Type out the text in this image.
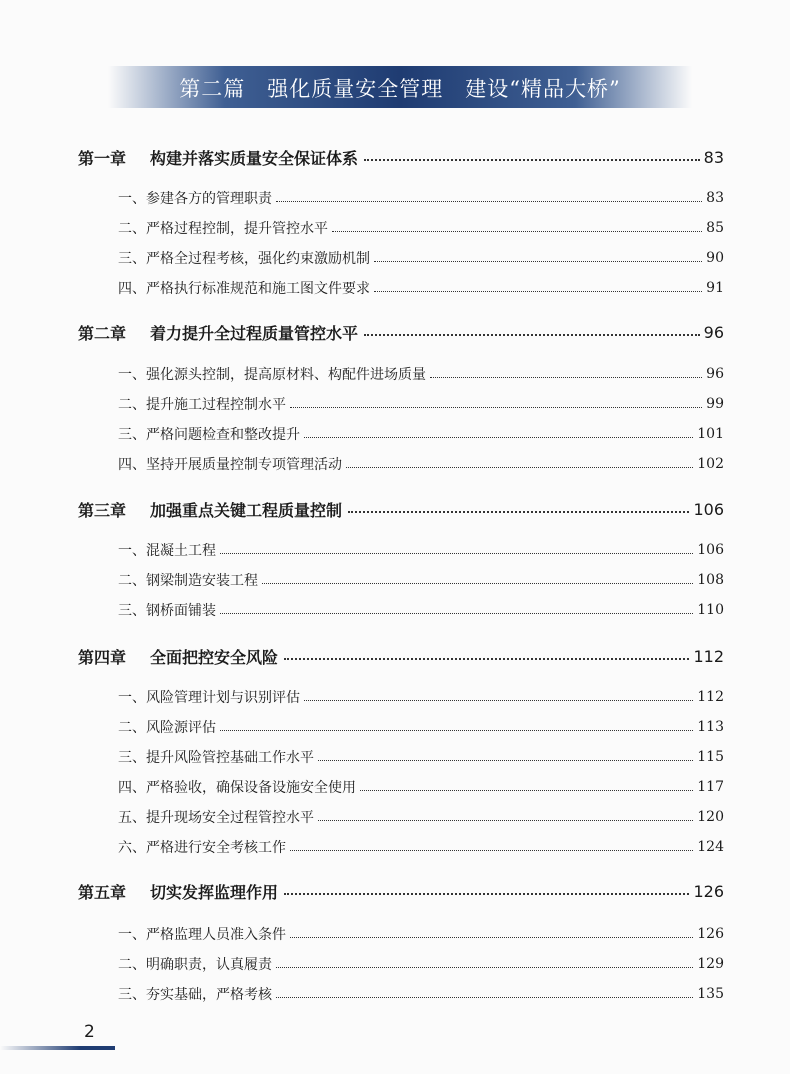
第二篇　强化质量安全管理　建设“精品大桥”
第一章	构建并落实质量安全保证体系	83
一、参建各方的管理职责	83
二、严格过程控制，提升管控水平	85
三、严格全过程考核，强化约束激励机制	90
四、严格执行标准规范和施工图文件要求	91
第二章	着力提升全过程质量管控水平	96
一、强化源头控制，提高原材料、构配件进场质量	96
二、提升施工过程控制水平	99
三、严格问题检查和整改提升	101
四、坚持开展质量控制专项管理活动	102
第三章	加强重点关键工程质量控制	106
一、混凝土工程	106
二、钢梁制造安装工程	108
三、钢桥面铺装	110
第四章	全面把控安全风险	112
一、风险管理计划与识别评估	112
二、风险源评估	113
三、提升风险管控基础工作水平	115
四、严格验收，确保设备设施安全使用	117
五、提升现场安全过程管控水平	120
六、严格进行安全考核工作	124
第五章	切实发挥监理作用	126
一、严格监理人员准入条件	126
二、明确职责，认真履责	129
三、夯实基础，严格考核	135
2
